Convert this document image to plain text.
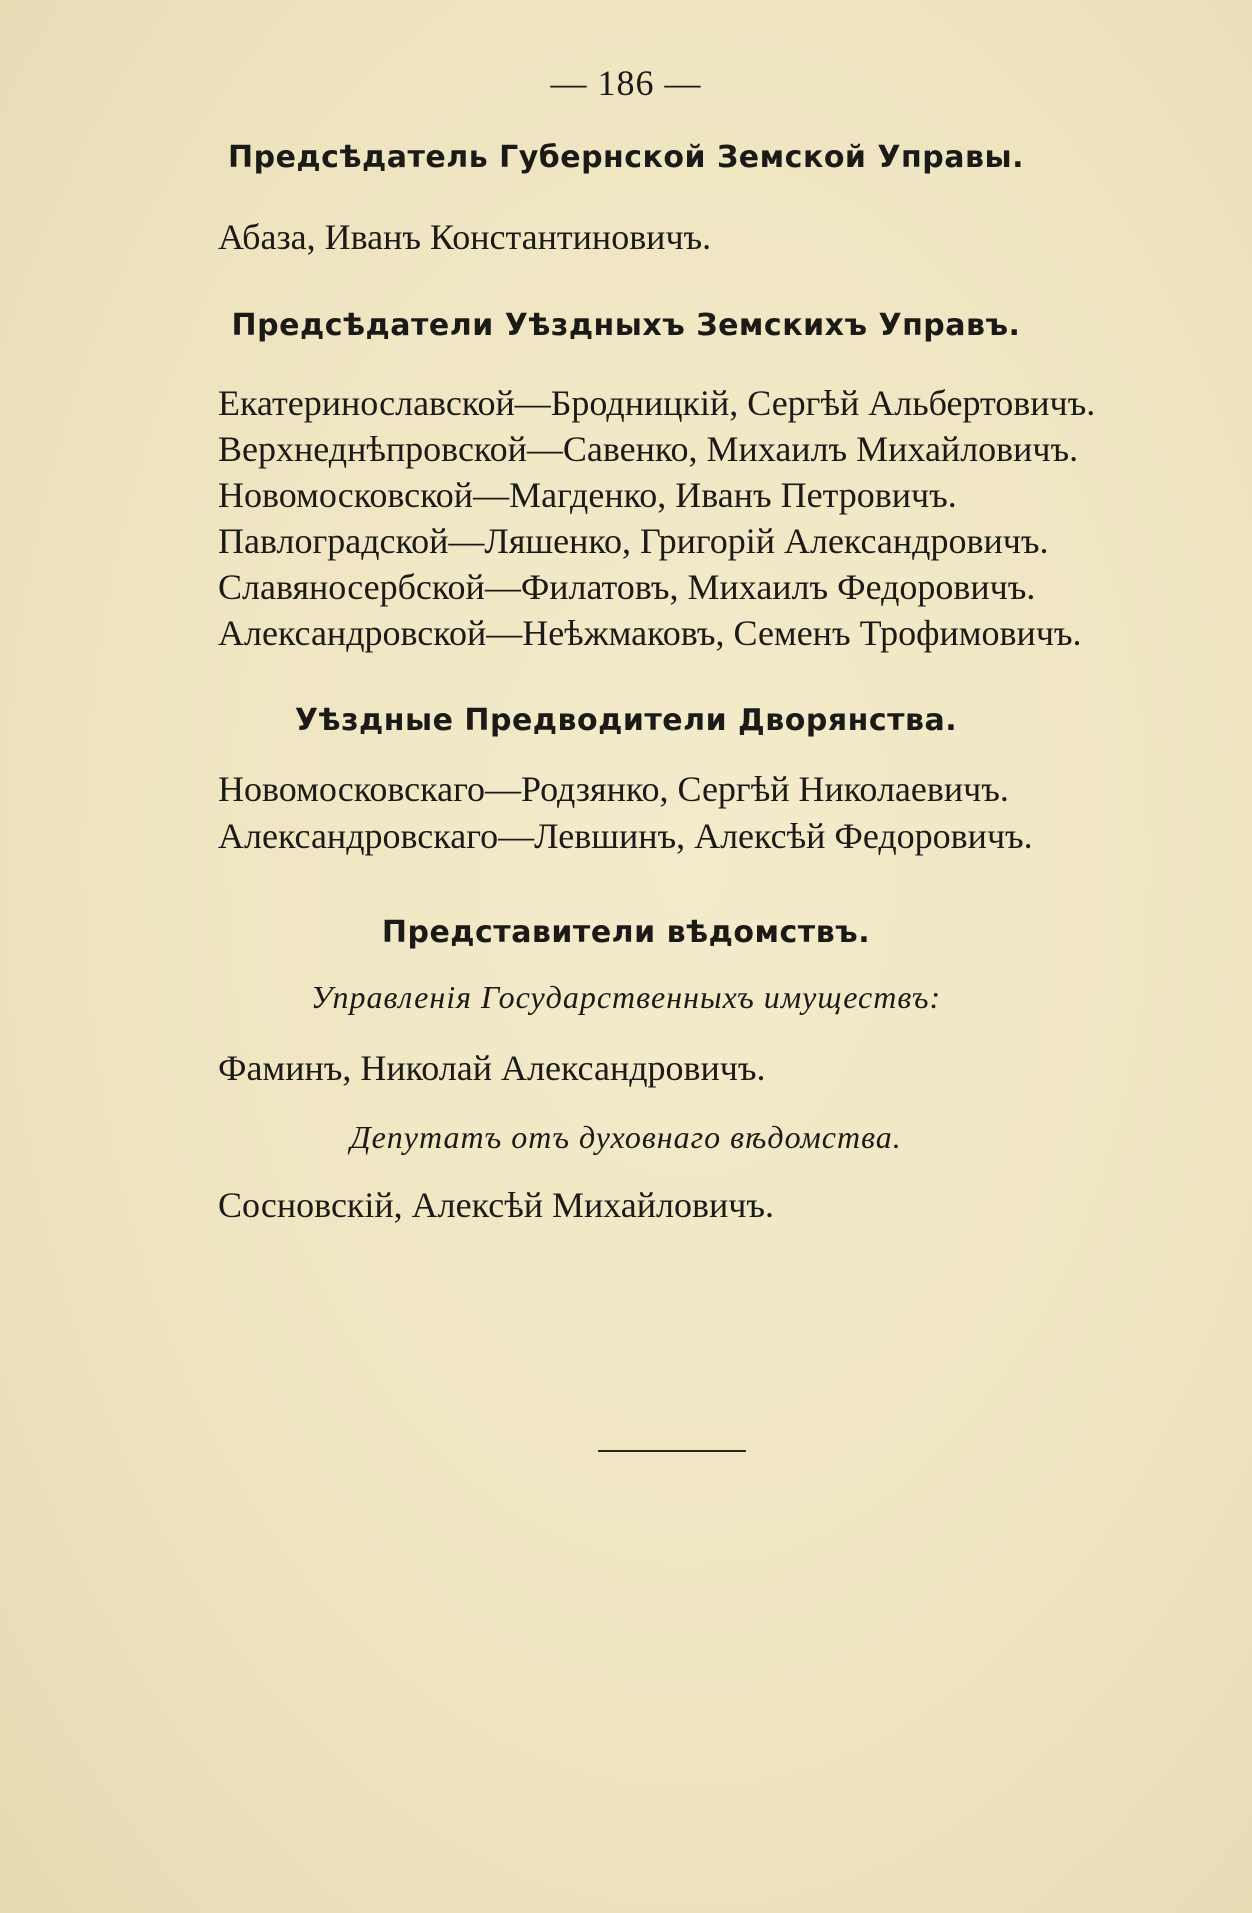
— 186 —
Предсѣдатель Губернской Земской Управы.
Абаза, Иванъ Константиновичъ.
Предсѣдатели Уѣздныхъ Земскихъ Управъ.
Екатеринославской—Бродницкій, Сергѣй Альбертовичъ.
Верхнеднѣпровской—Савенко, Михаилъ Михайловичъ.
Новомосковской—Магденко, Иванъ Петровичъ.
Павлоградской—Ляшенко, Григорій Александровичъ.
Славяносербской—Филатовъ, Михаилъ Федоровичъ.
Александровской—Неѣжмаковъ, Семенъ Трофимовичъ.
Уѣздные Предводители Дворянства.
Новомосковскаго—Родзянко, Сергѣй Николаевичъ.
Александровскаго—Левшинъ, Алексѣй Федоровичъ.
Представители вѣдомствъ.
Управленія Государственныхъ имуществъ:
Фаминъ, Николай Александровичъ.
Депутатъ отъ духовнаго вѣдомства.
Сосновскій, Алексѣй Михайловичъ.
